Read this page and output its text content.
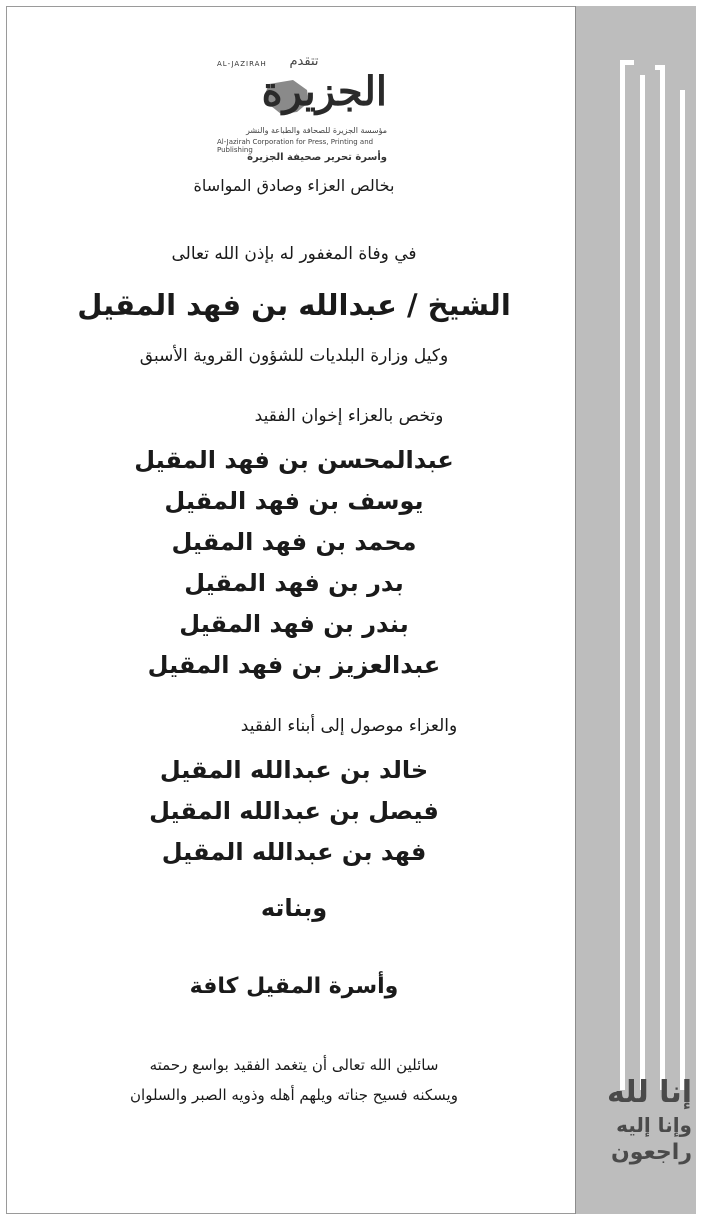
إنا لله
وإنا إليه
راجعون
تتقدم
AL-JAZIRAH
الجزيرة
مؤسسة الجزيرة للصحافة والطباعة والنشر
Al-Jazirah Corporation for Press, Printing and Publishing
وأسرة تحرير صحيفة الجزيرة
بخالص العزاء وصادق المواساة
في وفاة المغفور له بإذن الله تعالى
الشيخ / عبدالله بن فهد المقيل
وكيل وزارة البلديات للشؤون القروية الأسبق
وتخص بالعزاء إخوان الفقيد
عبدالمحسن بن فهد المقيل
يوسف بن فهد المقيل
محمد بن فهد المقيل
بدر بن فهد المقيل
بندر بن فهد المقيل
عبدالعزيز بن فهد المقيل
والعزاء موصول إلى أبناء الفقيد
خالد بن عبدالله المقيل
فيصل بن عبدالله المقيل
فهد بن عبدالله المقيل
وبناته
وأسرة المقيل كافة
سائلين الله تعالى أن يتغمد الفقيد بواسع رحمته
ويسكنه فسيح جناته ويلهم أهله وذويه الصبر والسلوان
